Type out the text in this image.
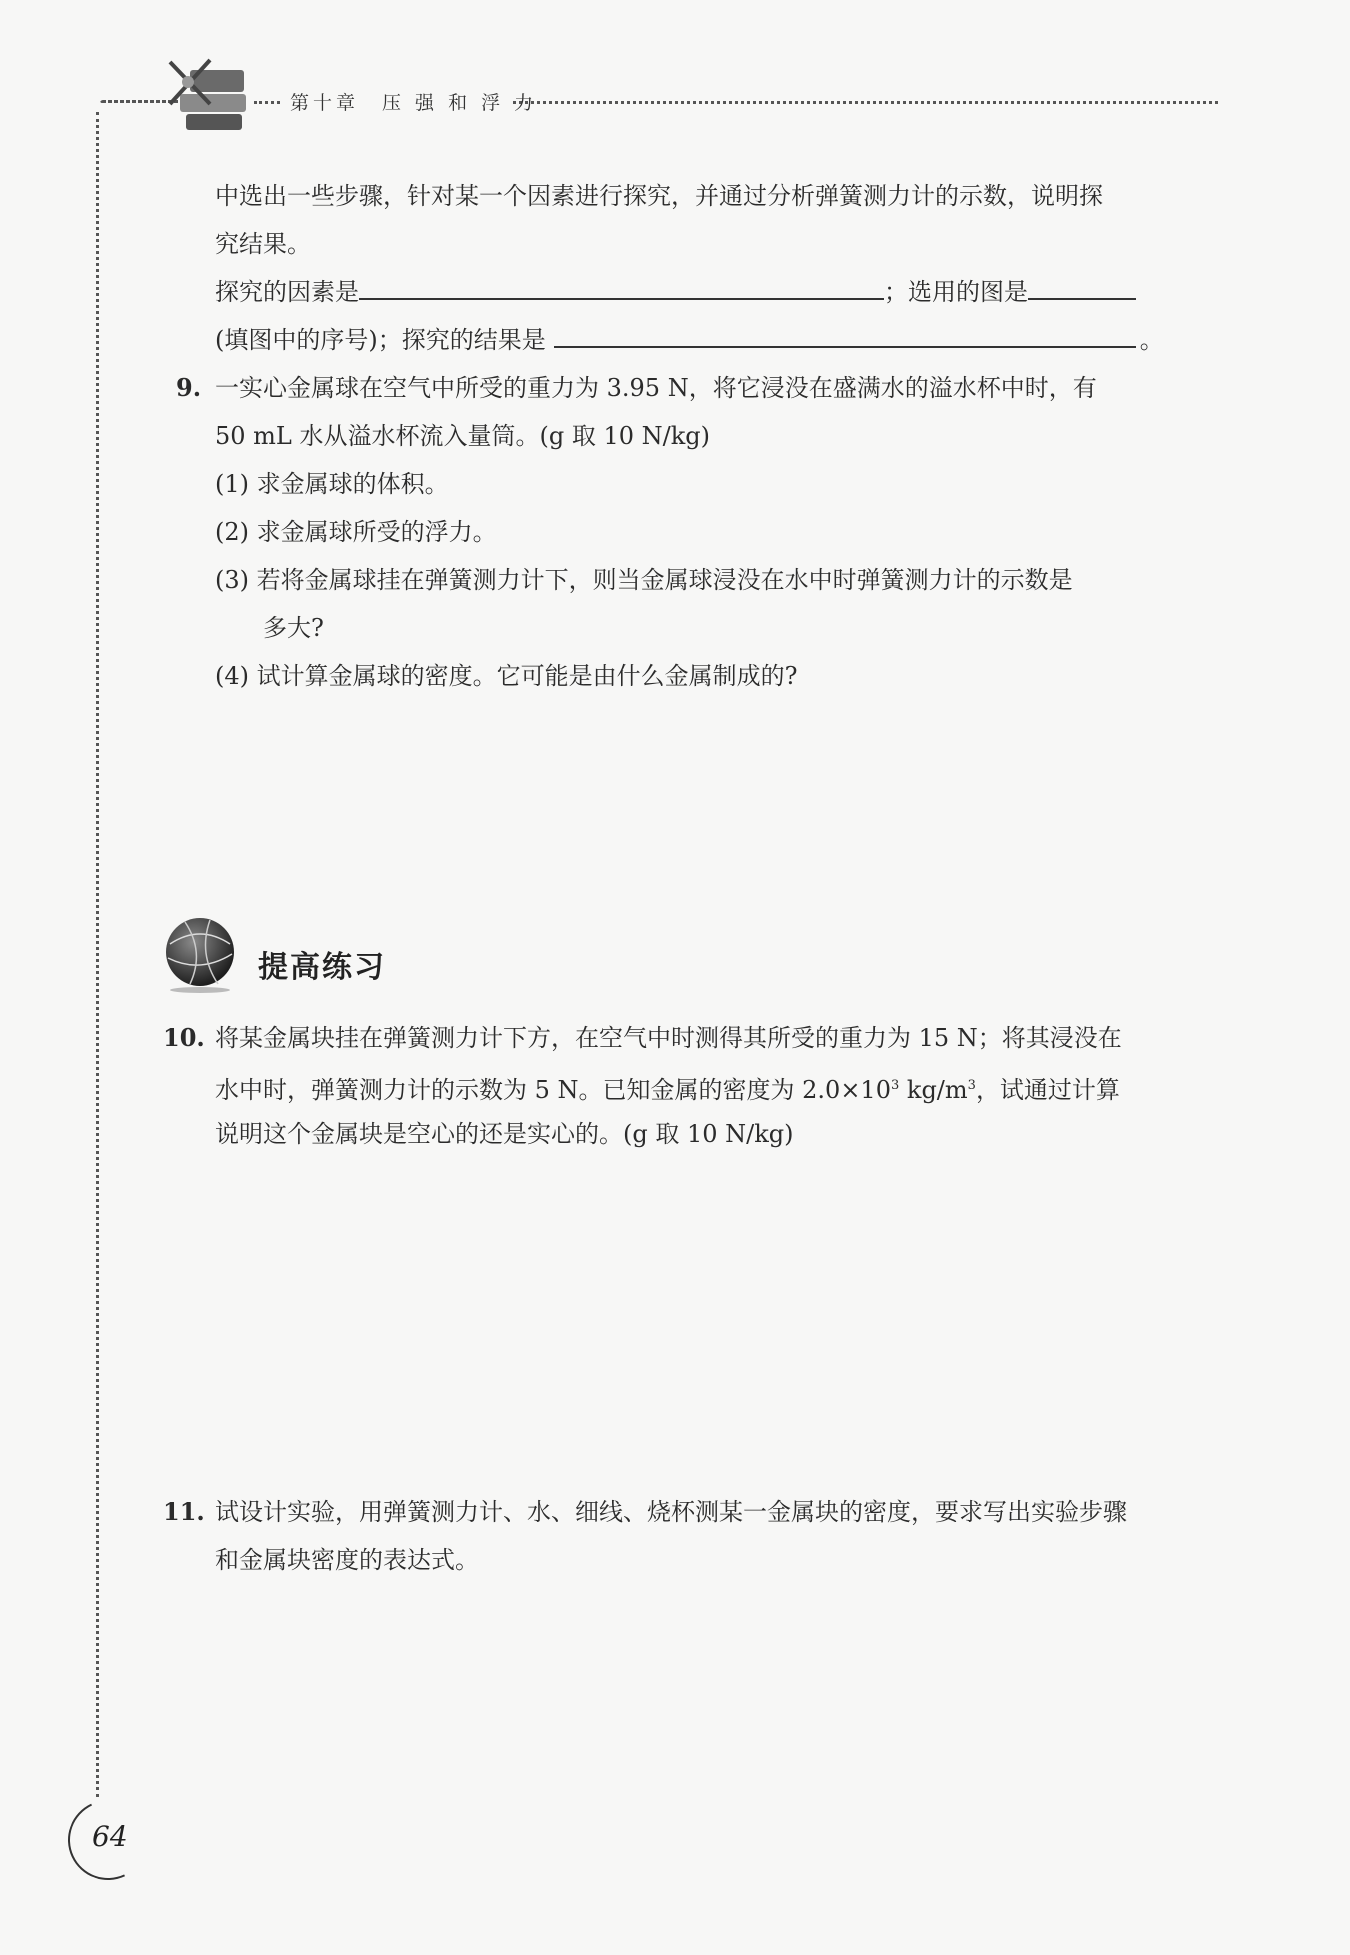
第十章　压 强 和 浮 力
中选出一些步骤，针对某一个因素进行探究，并通过分析弹簧测力计的示数，说明探
究结果。
探究的因素是	；选用的图是
(填图中的序号)；探究的结果是	。
9. 一实心金属球在空气中所受的重力为 3.95 N，将它浸没在盛满水的溢水杯中时，有
50 mL 水从溢水杯流入量筒。(g 取 10 N/kg)
(1) 求金属球的体积。
(2) 求金属球所受的浮力。
(3) 若将金属球挂在弹簧测力计下，则当金属球浸没在水中时弹簧测力计的示数是
多大?
(4) 试计算金属球的密度。它可能是由什么金属制成的?
提高练习
10. 将某金属块挂在弹簧测力计下方，在空气中时测得其所受的重力为 15 N；将其浸没在
水中时，弹簧测力计的示数为 5 N。已知金属的密度为 $2.0\times 10^3$ $kg/m^3$，试通过计算
说明这个金属块是空心的还是实心的。(g 取 10 N/kg)
11. 试设计实验，用弹簧测力计、水、细线、烧杯测某一金属块的密度，要求写出实验步骤
和金属块密度的表达式。
64
